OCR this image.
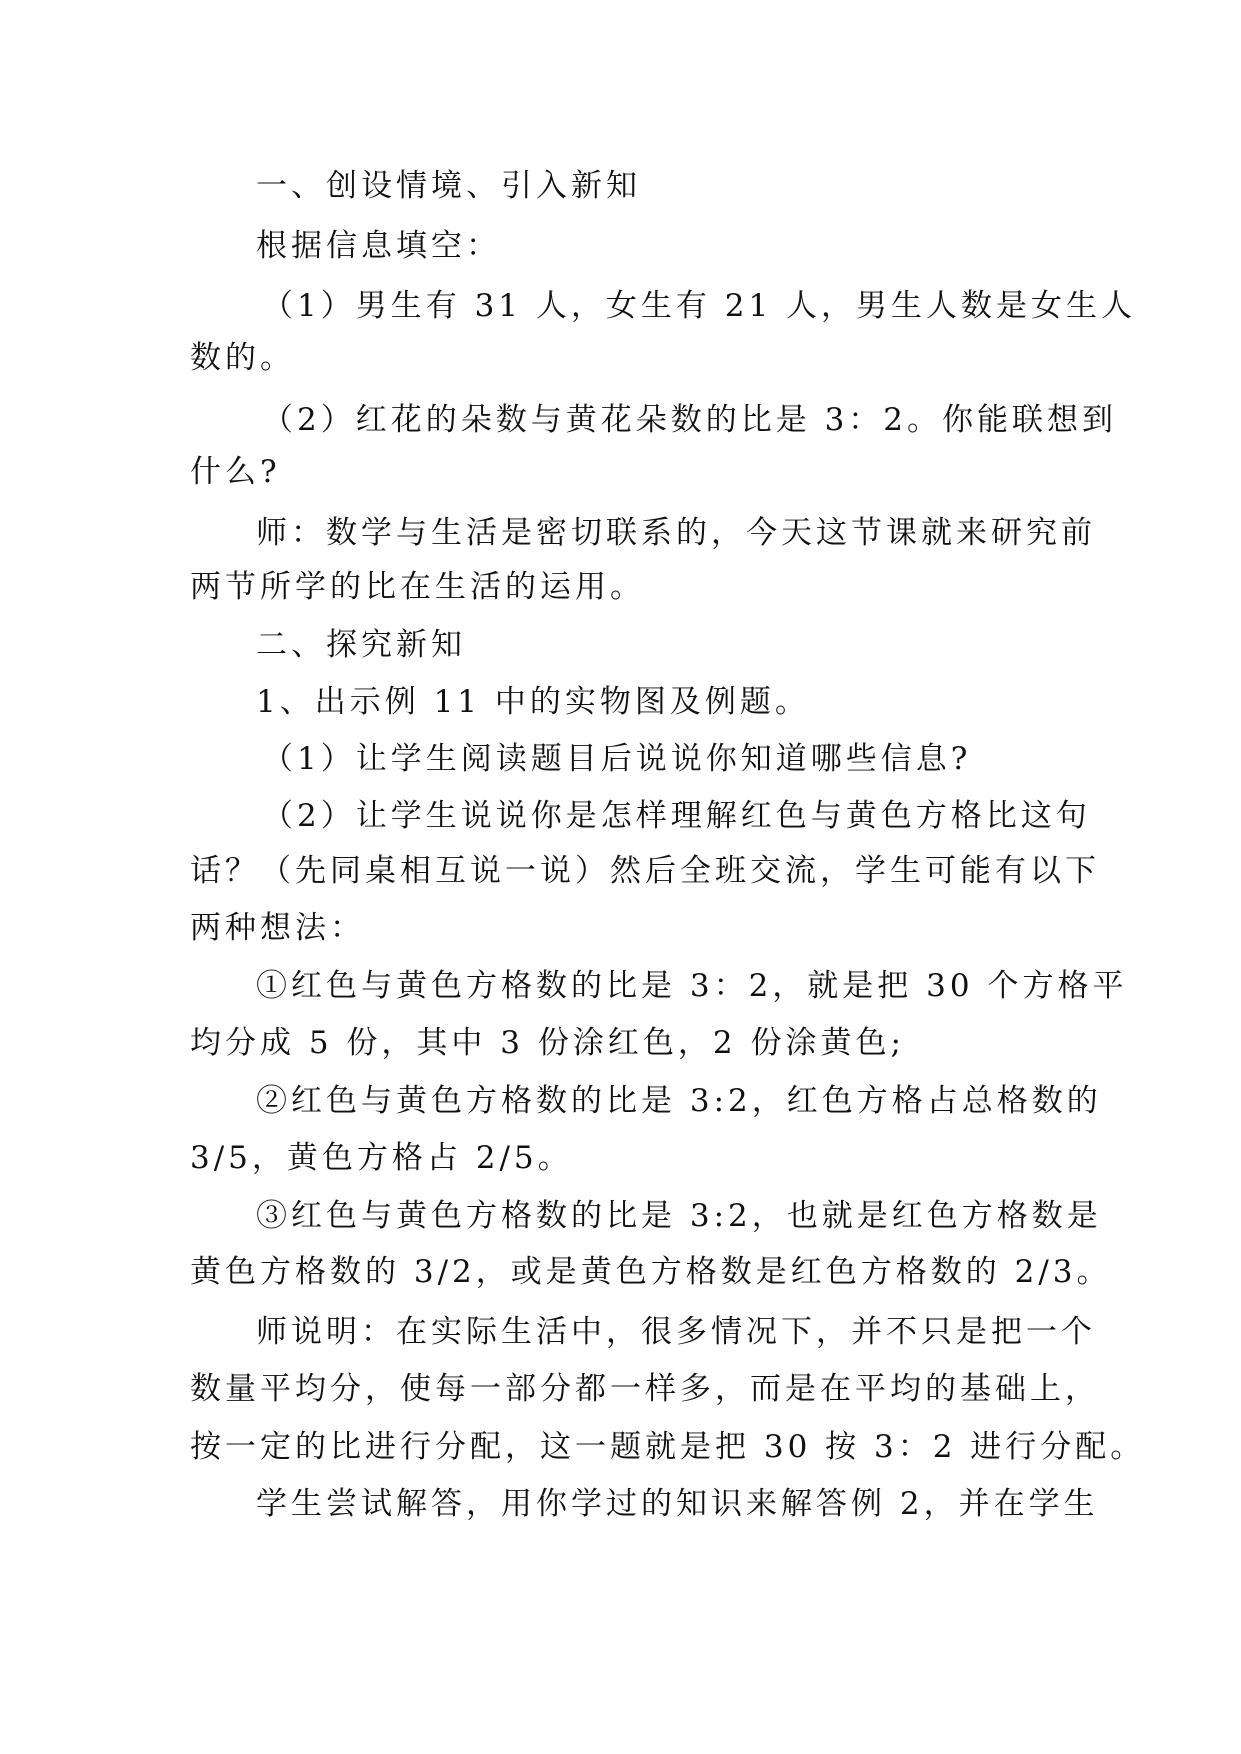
一、创设情境、引入新知
根据信息填空：
（1）男生有 31 人，女生有 21 人，男生人数是女生人
数的。
（2）红花的朵数与黄花朵数的比是 3：2。你能联想到
什么?
师：数学与生活是密切联系的，今天这节课就来研究前
两节所学的比在生活的运用。
二、探究新知
1、出示例 11 中的实物图及例题。
（1）让学生阅读题目后说说你知道哪些信息?
（2）让学生说说你是怎样理解红色与黄色方格比这句
话？（先同桌相互说一说）然后全班交流，学生可能有以下
两种想法：
①红色与黄色方格数的比是 3：2，就是把 30 个方格平
均分成 5 份，其中 3 份涂红色，2 份涂黄色;
②红色与黄色方格数的比是 3:2，红色方格占总格数的
3/5，黄色方格占 2/5。
③红色与黄色方格数的比是 3:2，也就是红色方格数是
黄色方格数的 3/2，或是黄色方格数是红色方格数的 2/3。
师说明：在实际生活中，很多情况下，并不只是把一个
数量平均分，使每一部分都一样多，而是在平均的基础上，
按一定的比进行分配，这一题就是把 30 按 3：2 进行分配。
学生尝试解答，用你学过的知识来解答例 2，并在学生
